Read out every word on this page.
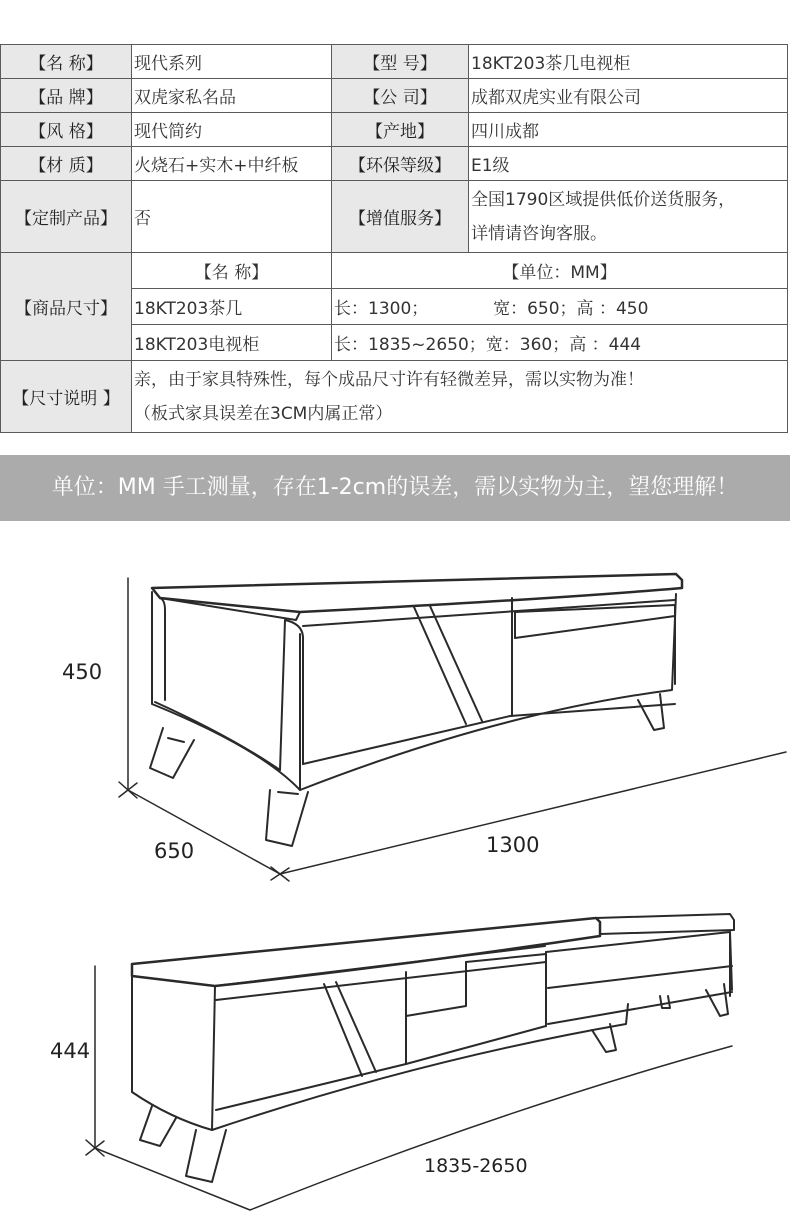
【名 称】	现代系列	【型 号】	18KT203茶几电视柜
【品 牌】	双虎家私名品	【公 司】	成都双虎实业有限公司
【风 格】	现代简约	【产地】	四川成都
【材 质】	火烧石+实木+中纤板	【环保等级】	E1级
【定制产品】	否	【增值服务】	全国1790区域提供低价送货服务，
详情请咨询客服。

【商品尺寸】	【名 称】	【单位：MM】	
	18KT203茶几	长：1300；            宽：650；高 ：450	
	18KT203电视柜	长：1835~2650；宽：360；高 ：444	
【尺寸说明 】	亲，由于家具特殊性，每个成品尺寸许有轻微差异，需以实物为准！
（板式家具误差在3CM内属正常）		
单位：MM 手工测量，存在1-2cm的误差，需以实物为主，望您理解！
450
650	1300
444
1835-2650
